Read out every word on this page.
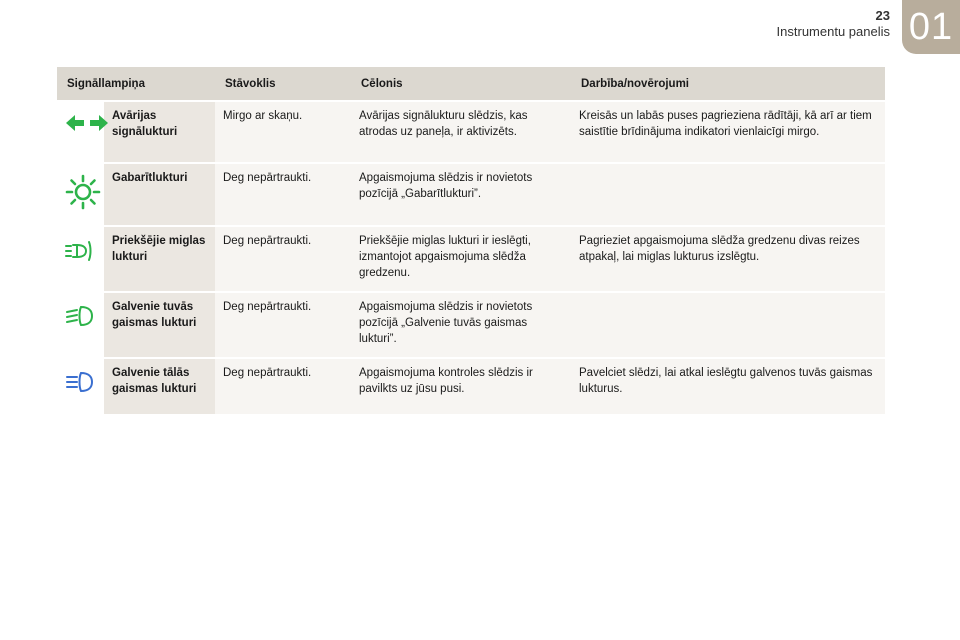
23
Instrumentu panelis 01
Signāllampiņa		Stāvoklis	Cēlonis	Darbība/novērojumi
	Avārijas signālukturi	Mirgo ar skaņu.	Avārijas signālukturu slēdzis, kas atrodas uz paneļa, ir aktivizēts.	Kreisās un labās puses pagrieziena rādītāji, kā arī ar tiem saistītie brīdinājuma indikatori vienlaicīgi mirgo.
	Gabarītlukturi	Deg nepārtraukti.	Apgaismojuma slēdzis ir novietots pozīcijā „Gabarītlukturi”.	
	Priekšējie miglas lukturi	Deg nepārtraukti.	Priekšējie miglas lukturi ir ieslēgti, izmantojot apgaismojuma slēdža gredzenu.	Pagrieziet apgaismojuma slēdža gredzenu divas reizes atpakaļ, lai miglas lukturus izslēgtu.
	Galvenie tuvās gaismas lukturi	Deg nepārtraukti.	Apgaismojuma slēdzis ir novietots pozīcijā „Galvenie tuvās gaismas lukturi”.	
	Galvenie tālās gaismas lukturi	Deg nepārtraukti.	Apgaismojuma kontroles slēdzis ir pavilkts uz jūsu pusi.	Pavelciet slēdzi, lai atkal ieslēgtu galvenos tuvās gaismas lukturus.
